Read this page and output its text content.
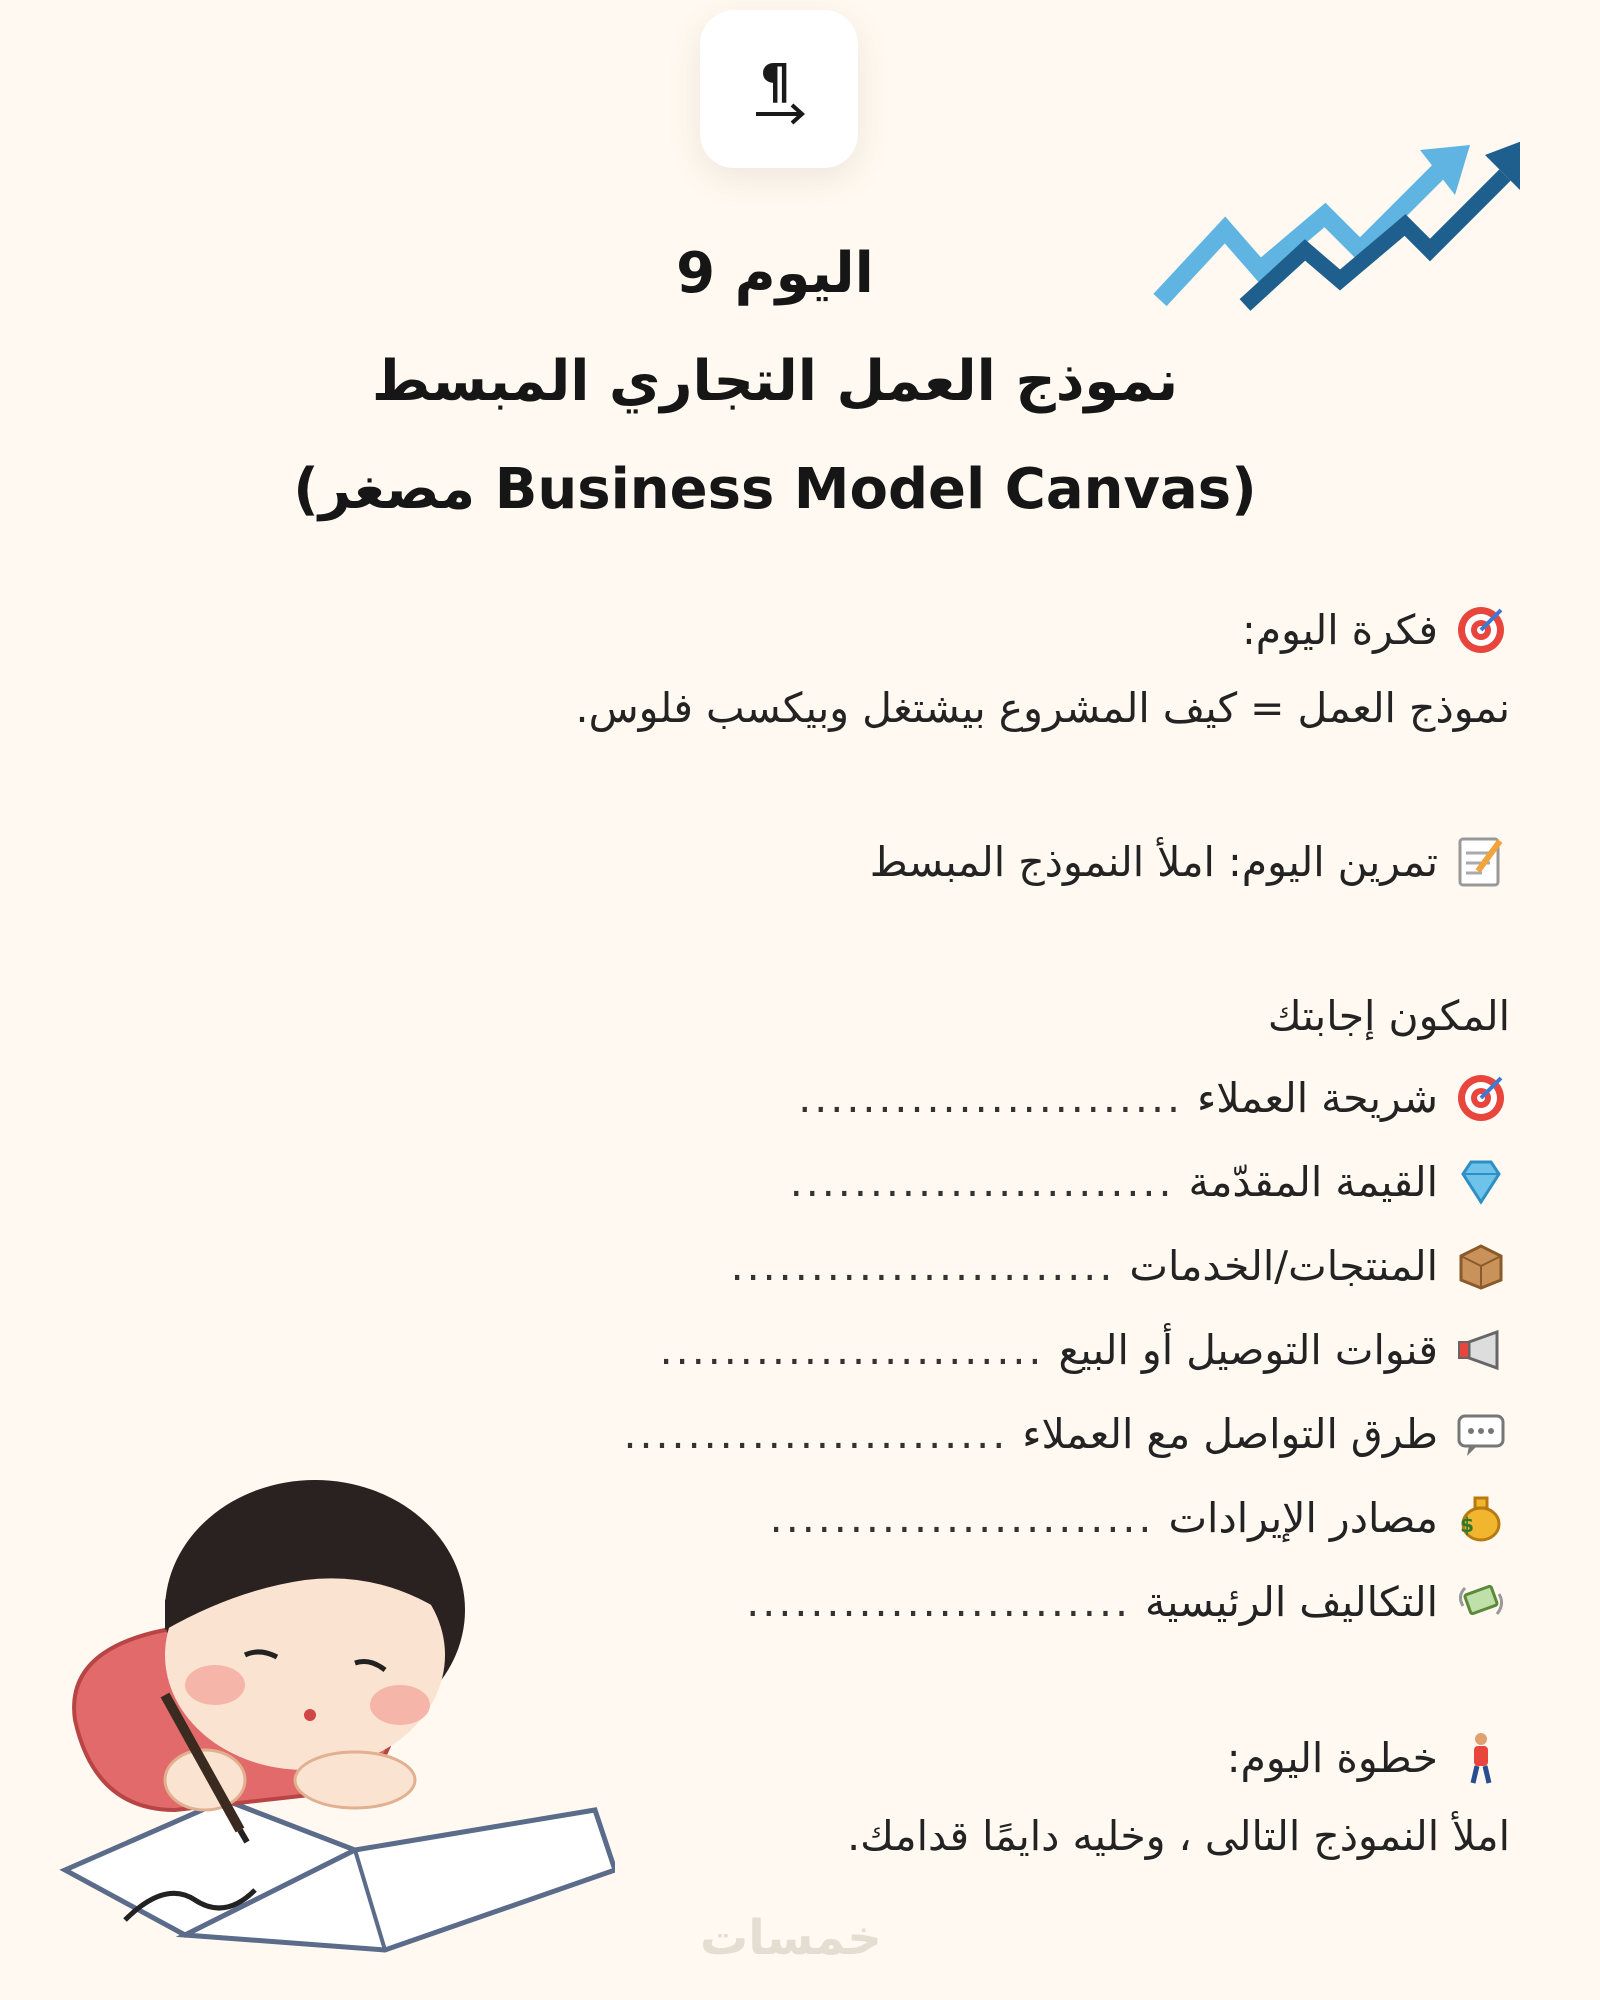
¶
اليوم 9
نموذج العمل التجاري المبسط
(Business Model Canvas مصغر)
فكرة اليوم:
نموذج العمل = كيف المشروع بيشتغل وبيكسب فلوس.
تمرين اليوم: املأ النموذج المبسط
المكون إجابتك
شريحة العملاء
........................
القيمة المقدّمة
........................
المنتجات/الخدمات
........................
قنوات التوصيل أو البيع
........................
طرق التواصل مع العملاء
........................
$
مصادر الإيرادات
........................
التكاليف الرئيسية
........................
خطوة اليوم:
املأ النموذج التالى ، وخليه دايمًا قدامك.
خمسات
